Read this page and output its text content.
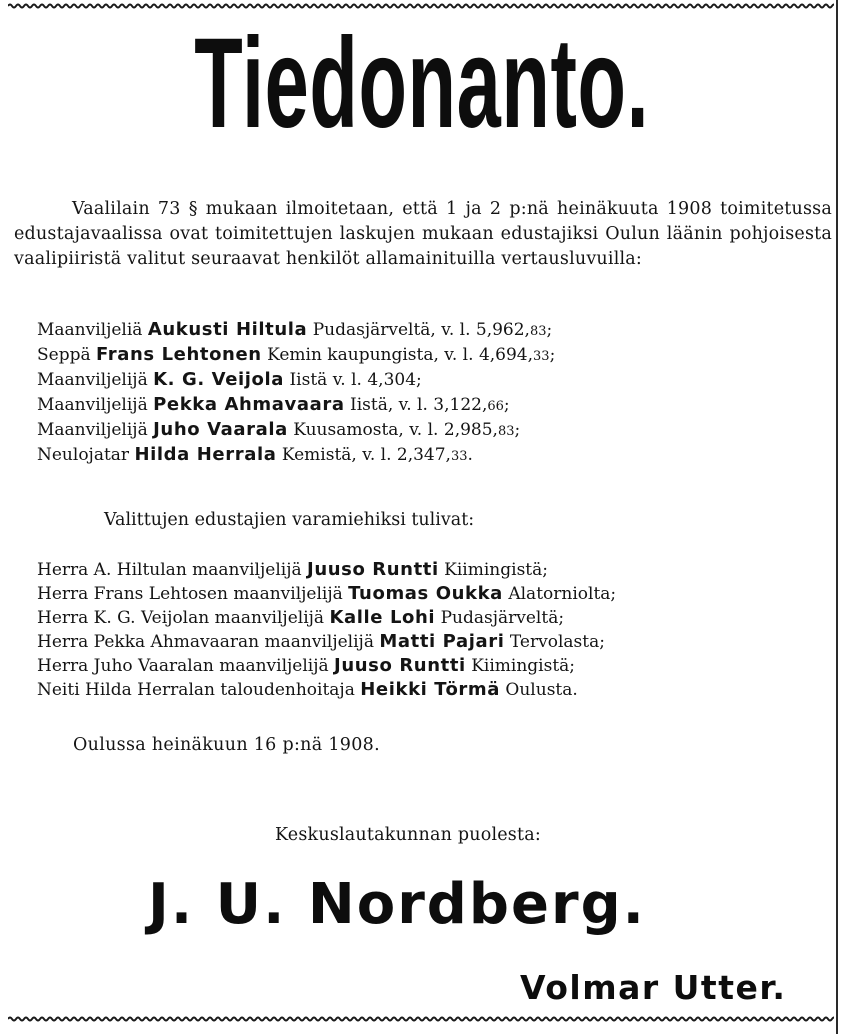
Tiedonanto.
Vaalilain 73 § mukaan ilmoitetaan, että 1 ja 2 p:nä heinäkuuta 1908 toimitetussa edustajavaalissa ovat toimitettujen laskujen mukaan edustajiksi Oulun läänin pohjoisesta vaalipiiristä valitut seuraavat henkilöt allamainituilla vertausluvuilla:
Maanviljeliä Aukusti Hiltula Pudasjärveltä, v. l. 5,962,83;
Seppä Frans Lehtonen Kemin kaupungista, v. l. 4,694,33;
Maanviljelijä K. G. Veijola Iistä v. l. 4,304;
Maanviljelijä Pekka Ahmavaara Iistä, v. l. 3,122,66;
Maanviljelijä Juho Vaarala Kuusamosta, v. l. 2,985,83;
Neulojatar Hilda Herrala Kemistä, v. l. 2,347,33.
Valittujen edustajien varamiehiksi tulivat:
Herra A. Hiltulan maanviljelijä Juuso Runtti Kiimingistä;
Herra Frans Lehtosen maanviljelijä Tuomas Oukka Alatorniolta;
Herra K. G. Veijolan maanviljelijä Kalle Lohi Pudasjärveltä;
Herra Pekka Ahmavaaran maanviljelijä Matti Pajari Tervolasta;
Herra Juho Vaaralan maanviljelijä Juuso Runtti Kiimingistä;
Neiti Hilda Herralan taloudenhoitaja Heikki Törmä Oulusta.
Oulussa heinäkuun 16 p:nä 1908.
Keskuslautakunnan puolesta:
J. U. Nordberg.
Volmar Utter.
